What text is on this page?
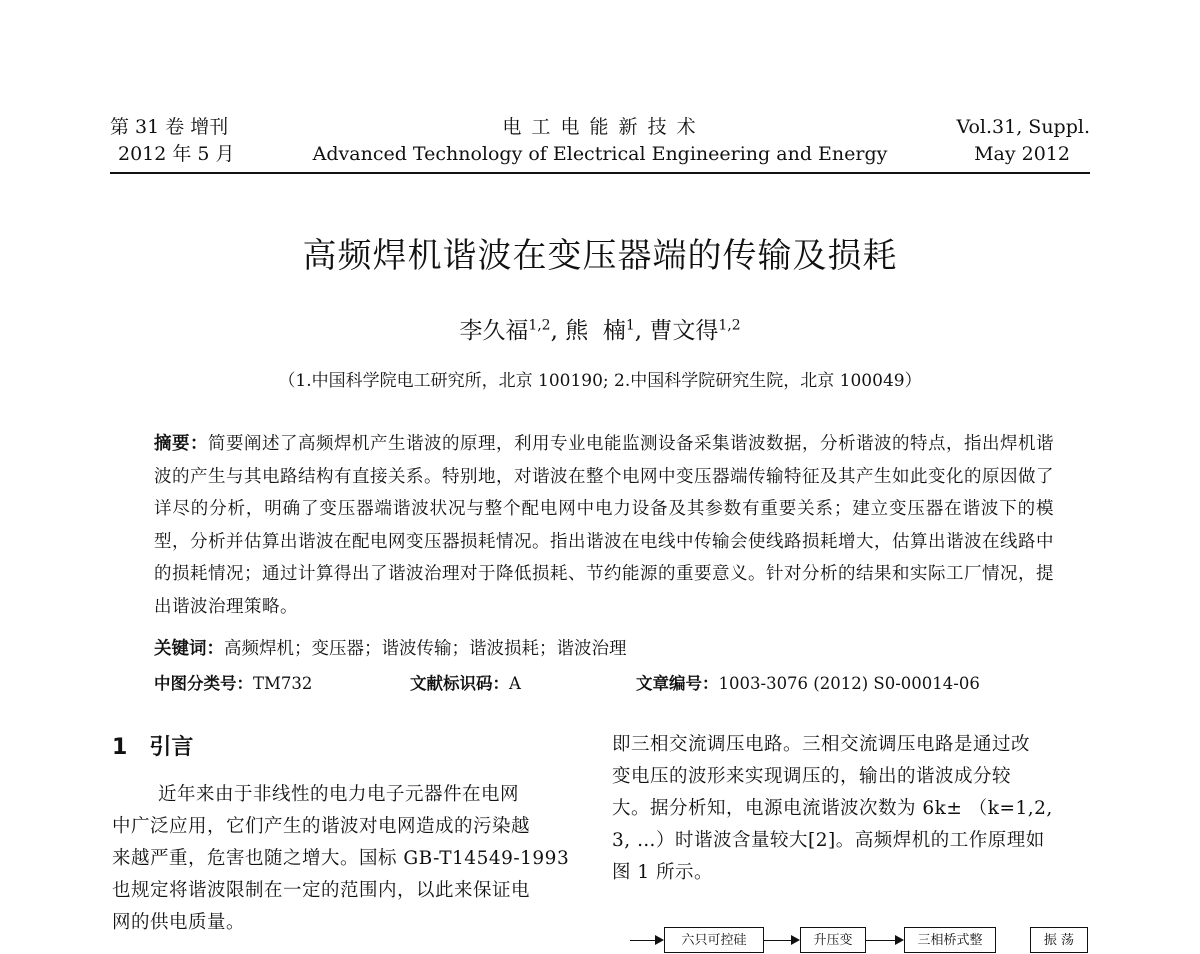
第 31 卷 增刊
2012 年 5 月
电 工 电 能 新 技 术
Advanced Technology of Electrical Engineering and Energy
Vol.31, Suppl.
May 2012
高频焊机谐波在变压器端的传输及损耗
李久福$^{1,2}$, 熊  楠$^1$, 曹文得$^{1,2}$
（1.中国科学院电工研究所，北京 100190; 2.中国科学院研究生院，北京 100049）
摘要：简要阐述了高频焊机产生谐波的原理，利用专业电能监测设备采集谐波数据，分析谐波的特点，指出焊机谐波的产生与其电路结构有直接关系。特别地，对谐波在整个电网中变压器端传输特征及其产生如此变化的原因做了详尽的分析，明确了变压器端谐波状况与整个配电网中电力设备及其参数有重要关系；建立变压器在谐波下的模型，分析并估算出谐波在配电网变压器损耗情况。指出谐波在电线中传输会使线路损耗增大，估算出谐波在线路中的损耗情况；通过计算得出了谐波治理对于降低损耗、节约能源的重要意义。针对分析的结果和实际工厂情况，提出谐波治理策略。
关键词：高频焊机；变压器；谐波传输；谐波损耗；谐波治理
中图分类号：TM732	文献标识码：A	文章编号：1003-3076 (2012) S0-00014-06
1 引言
近年来由于非线性的电力电子元器件在电网
中广泛应用，它们产生的谐波对电网造成的污染越
来越严重，危害也随之增大。国标 GB-T14549-1993
也规定将谐波限制在一定的范围内，以此来保证电
网的供电质量。
即三相交流调压电路。三相交流调压电路是通过改
变电压的波形来实现调压的，输出的谐波成分较
大。据分析知，电源电流谐波次数为 6k± （k=1,2,
3, …）时谐波含量较大[2]。高频焊机的工作原理如
图 1 所示。
六只可控硅	升压变	三相桥式整	振 荡
